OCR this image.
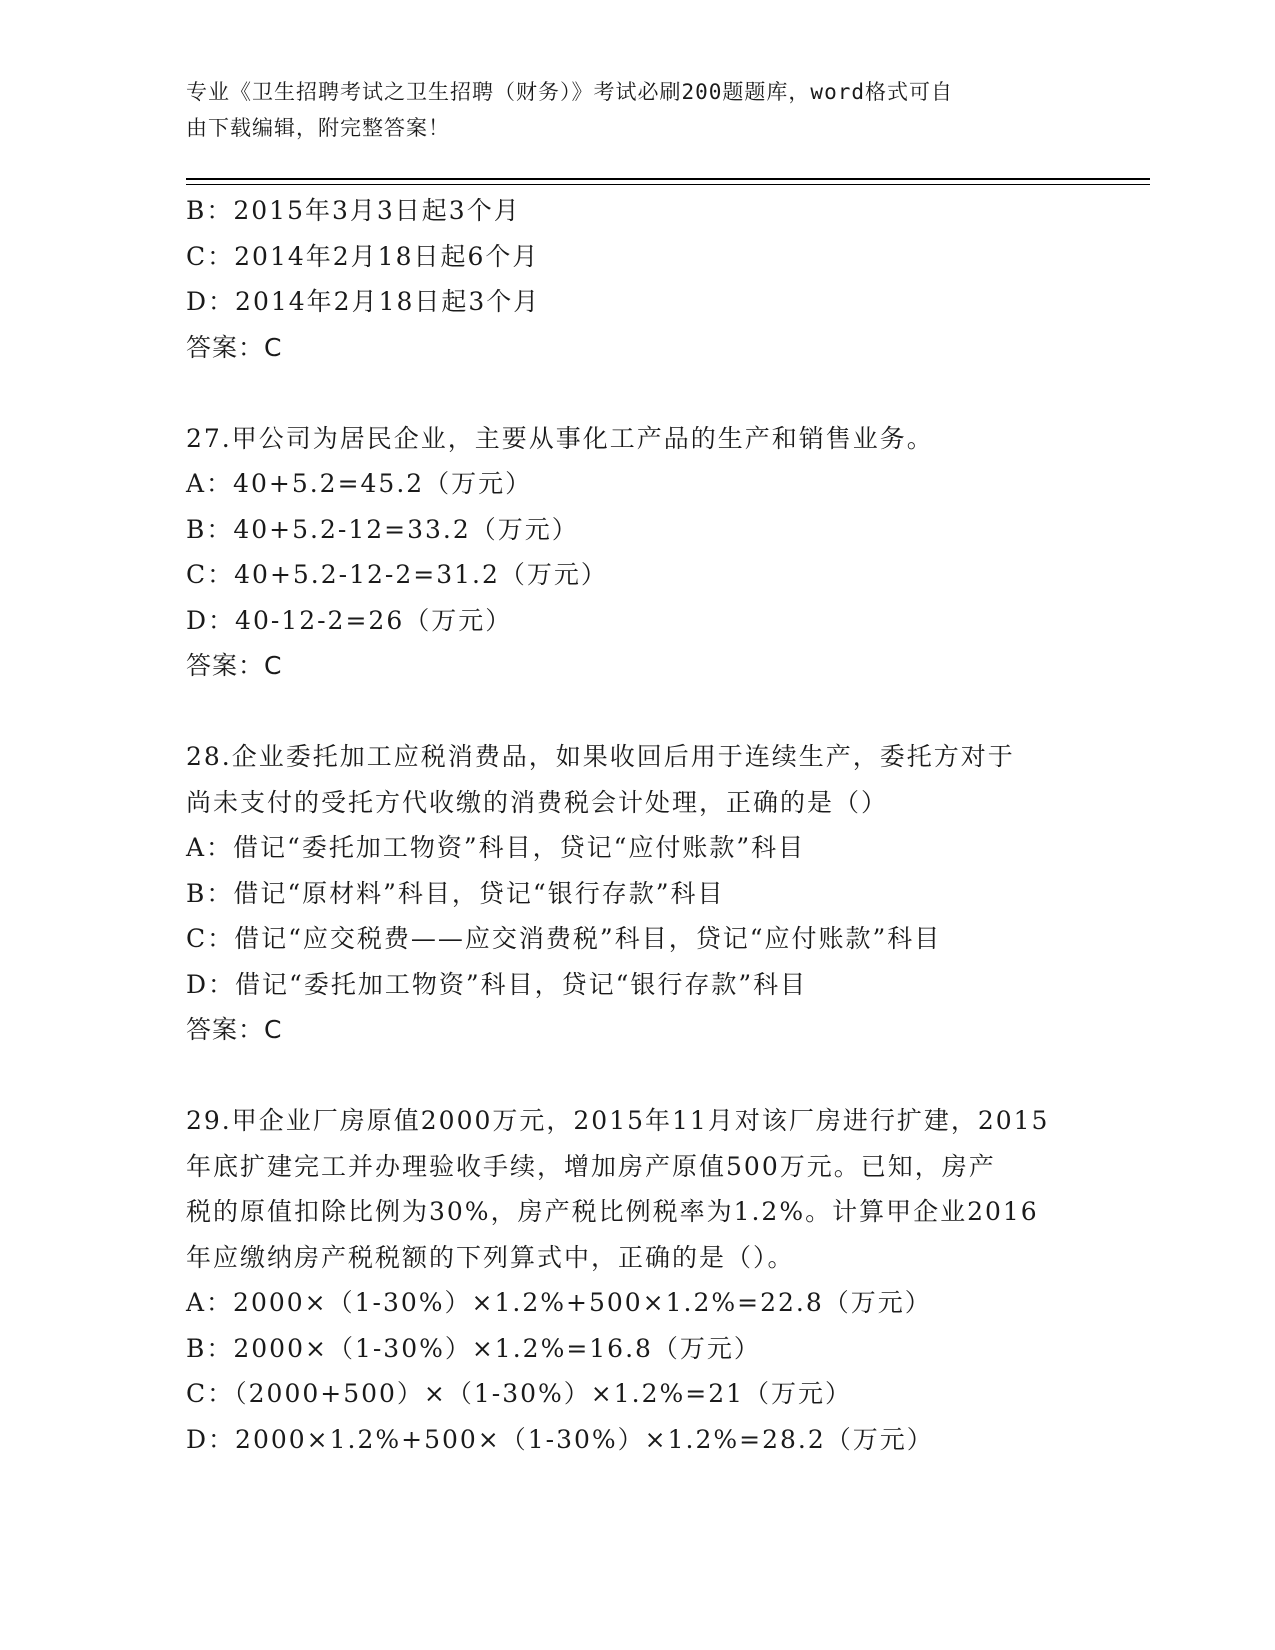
专业《卫生招聘考试之卫生招聘（财务）》考试必刷200题题库，word格式可自
由下载编辑，附完整答案！
B：2015年3月3日起3个月
C：2014年2月18日起6个月
D：2014年2月18日起3个月
答案：C
27.甲公司为居民企业，主要从事化工产品的生产和销售业务。
A：40+5.2=45.2（万元）
B：40+5.2-12=33.2（万元）
C：40+5.2-12-2=31.2（万元）
D：40-12-2=26（万元）
答案：C
28.企业委托加工应税消费品，如果收回后用于连续生产，委托方对于
尚未支付的受托方代收缴的消费税会计处理，正确的是（）
A：借记“委托加工物资”科目，贷记“应付账款”科目
B：借记“原材料”科目，贷记“银行存款”科目
C：借记“应交税费——应交消费税”科目，贷记“应付账款”科目
D：借记“委托加工物资”科目，贷记“银行存款”科目
答案：C
29.甲企业厂房原值2000万元，2015年11月对该厂房进行扩建，2015
年底扩建完工并办理验收手续，增加房产原值500万元。已知，房产
税的原值扣除比例为30%，房产税比例税率为1.2%。计算甲企业2016
年应缴纳房产税税额的下列算式中，正确的是（）。
A：2000×（1-30%）×1.2%+500×1.2%=22.8（万元）
B：2000×（1-30%）×1.2%=16.8（万元）
C：（2000+500）×（1-30%）×1.2%=21（万元）
D：2000×1.2%+500×（1-30%）×1.2%=28.2（万元）
